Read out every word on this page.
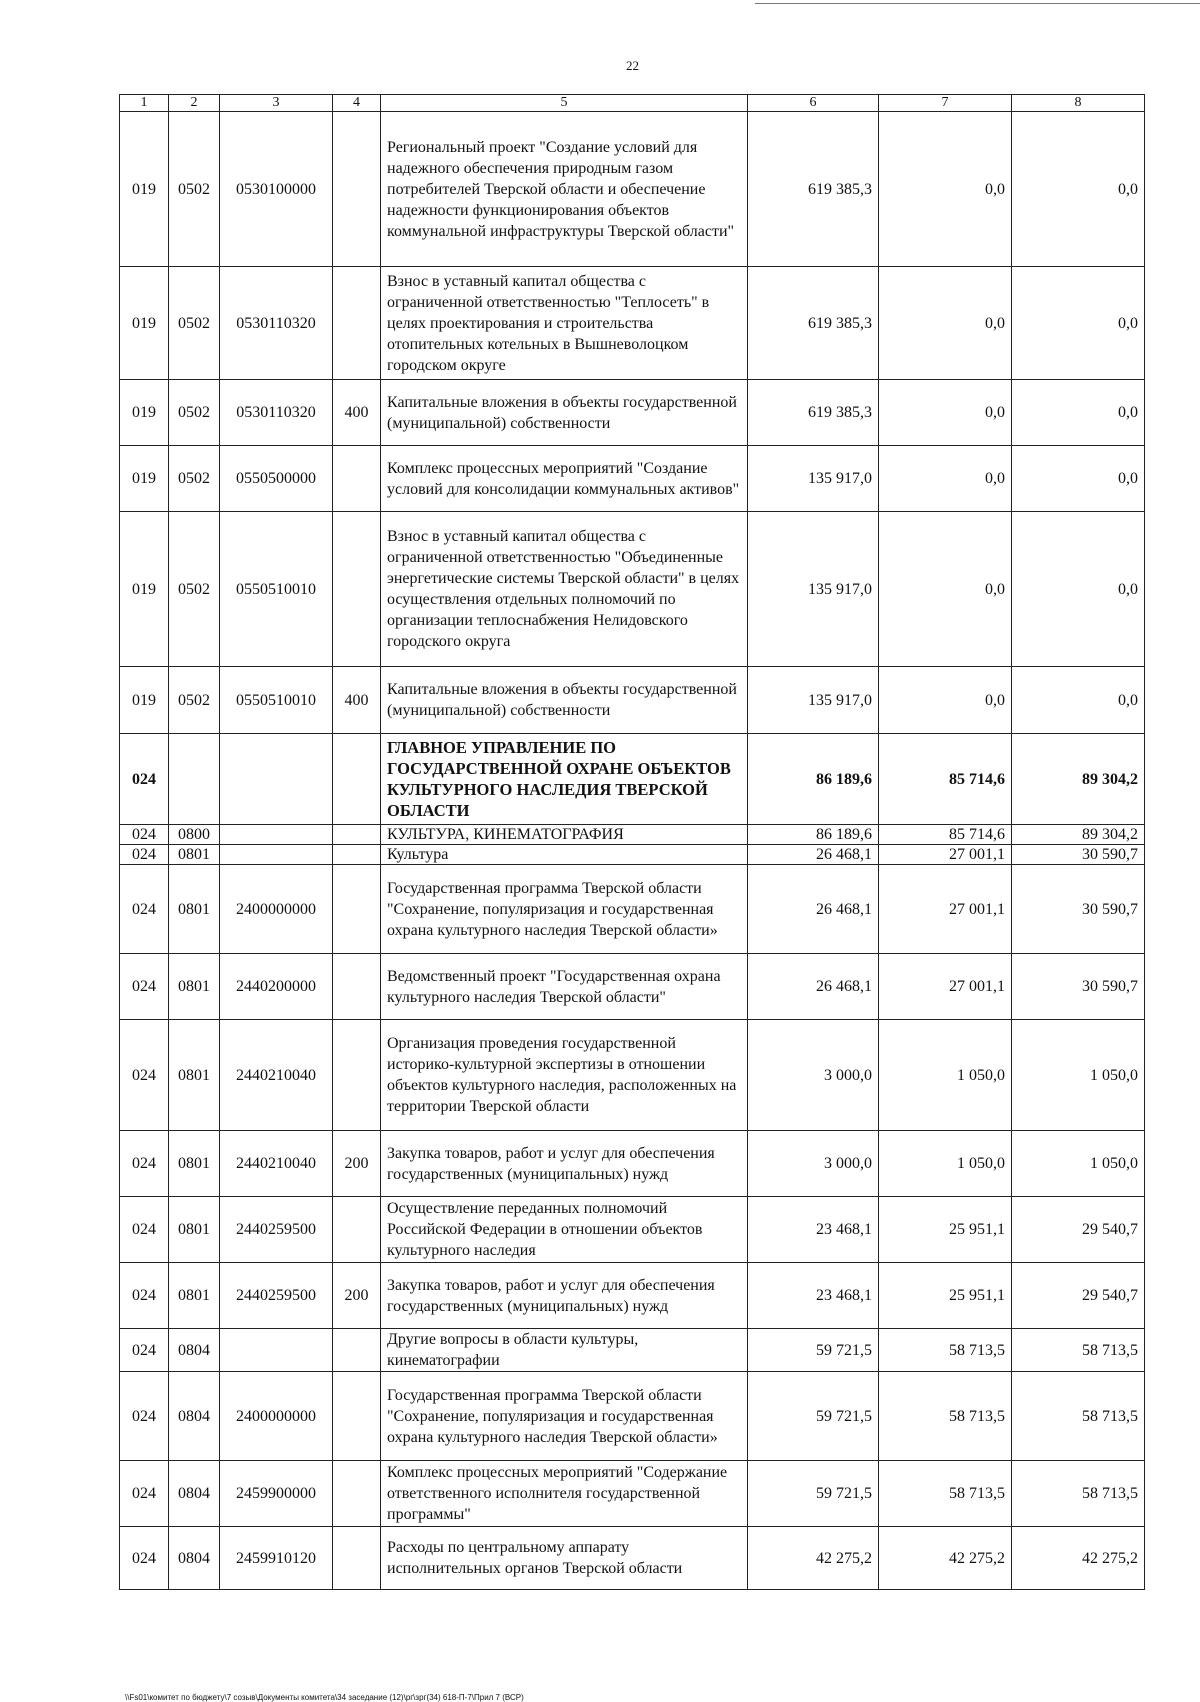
22
1	2	3	4	5	6	7	8
019	0502	0530100000		Региональный проект "Создание условий для надежного обеспечения природным газом потребителей Тверской области и обеспечение надежности функционирования объектов коммунальной инфраструктуры Тверской области"	619 385,3	0,0	0,0
019	0502	0530110320		Взнос в уставный капитал общества с ограниченной ответственностью "Теплосеть" в целях проектирования и строительства отопительных котельных в Вышневолоцком городском округе	619 385,3	0,0	0,0
019	0502	0530110320	400	Капитальные вложения в объекты государственной (муниципальной) собственности	619 385,3	0,0	0,0
019	0502	0550500000		Комплекс процессных мероприятий "Создание условий для консолидации коммунальных активов"	135 917,0	0,0	0,0
019	0502	0550510010		Взнос в уставный капитал общества с ограниченной ответственностью "Объединенные энергетические системы Тверской области" в целях осуществления отдельных полномочий по организации теплоснабжения Нелидовского городского округа	135 917,0	0,0	0,0
019	0502	0550510010	400	Капитальные вложения в объекты государственной (муниципальной) собственности	135 917,0	0,0	0,0
024				ГЛАВНОЕ УПРАВЛЕНИЕ ПО ГОСУДАРСТВЕННОЙ ОХРАНЕ ОБЪЕКТОВ КУЛЬТУРНОГО НАСЛЕДИЯ ТВЕРСКОЙ ОБЛАСТИ	86 189,6	85 714,6	89 304,2
024	0800			КУЛЬТУРА, КИНЕМАТОГРАФИЯ	86 189,6	85 714,6	89 304,2
024	0801			Культура	26 468,1	27 001,1	30 590,7
024	0801	2400000000		Государственная программа Тверской области "Сохранение, популяризация и государственная охрана культурного наследия Тверской области»	26 468,1	27 001,1	30 590,7
024	0801	2440200000		Ведомственный проект "Государственная охрана культурного наследия Тверской области"	26 468,1	27 001,1	30 590,7
024	0801	2440210040		Организация проведения государственной историко-культурной экспертизы в отношении объектов культурного наследия, расположенных на территории Тверской области	3 000,0	1 050,0	1 050,0
024	0801	2440210040	200	Закупка товаров, работ и услуг для обеспечения государственных (муниципальных) нужд	3 000,0	1 050,0	1 050,0
024	0801	2440259500		Осуществление переданных полномочий Российской Федерации в отношении объектов культурного наследия	23 468,1	25 951,1	29 540,7
024	0801	2440259500	200	Закупка товаров, работ и услуг для обеспечения государственных (муниципальных) нужд	23 468,1	25 951,1	29 540,7
024	0804			Другие вопросы в области культуры, кинематографии	59 721,5	58 713,5	58 713,5
024	0804	2400000000		Государственная программа Тверской области "Сохранение, популяризация и государственная охрана культурного наследия Тверской области»	59 721,5	58 713,5	58 713,5
024	0804	2459900000		Комплекс процессных мероприятий "Содержание ответственного исполнителя государственной программы"	59 721,5	58 713,5	58 713,5
024	0804	2459910120		Расходы по центральному аппарату исполнительных органов Тверской области	42 275,2	42 275,2	42 275,2
\\Fs01\комитет по бюджету\7 созыв\Документы комитета\34 заседание (12)\рг\зрг(34) 618-П-7\Прил 7 (ВСР)
